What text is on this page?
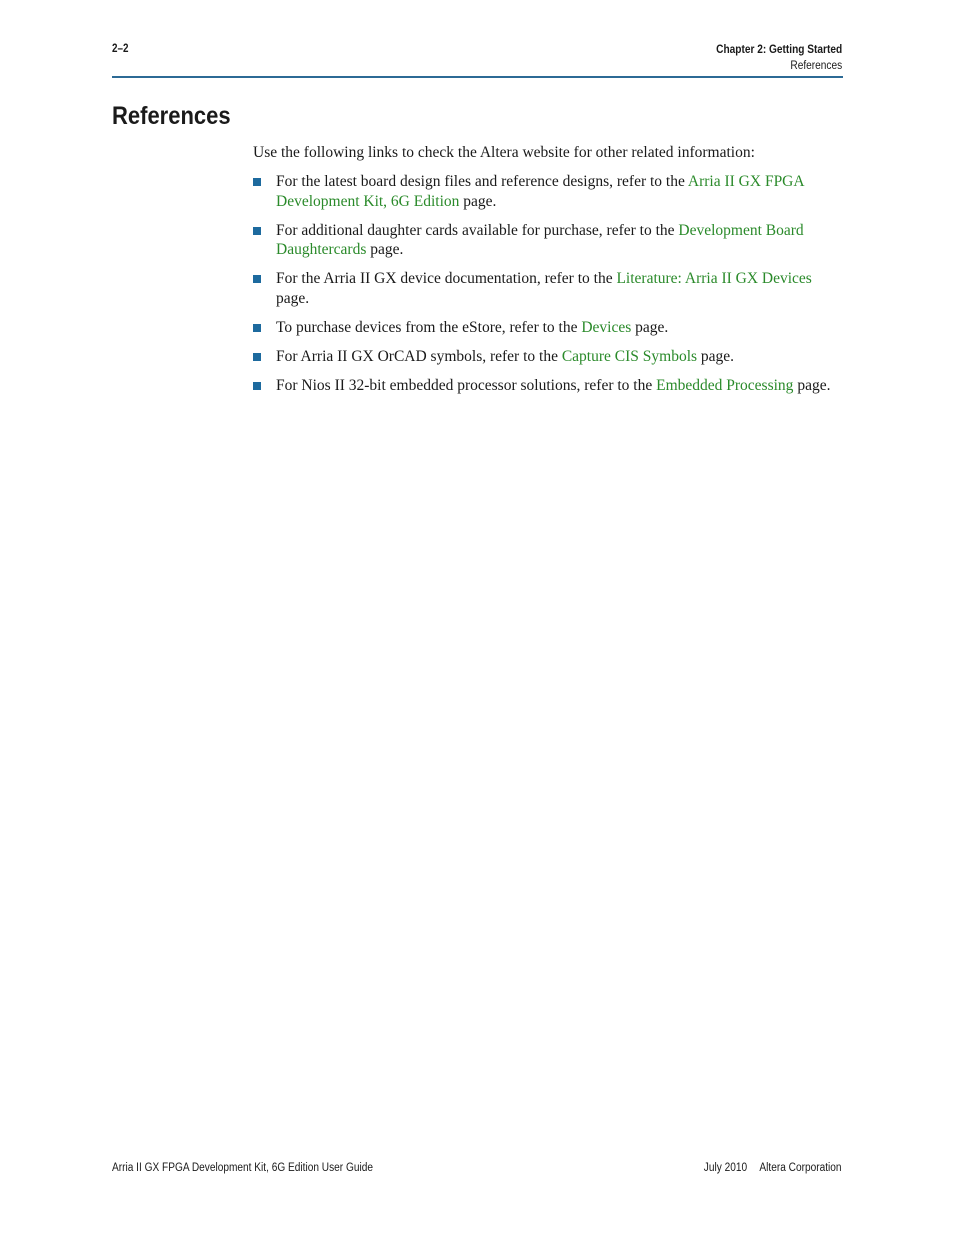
2–2	Chapter 2: Getting Started
References
References

Use the following links to check the Altera website for other related information:

For the latest board design files and reference designs, refer to the Arria II GX FPGA Development Kit, 6G Edition page.
For additional daughter cards available for purchase, refer to the Development Board Daughtercards page.
For the Arria II GX device documentation, refer to the Literature: Arria II GX Devices page.
To purchase devices from the eStore, refer to the Devices page.
For Arria II GX OrCAD symbols, refer to the Capture CIS Symbols page.
For Nios II 32-bit embedded processor solutions, refer to the Embedded Processing page.
Arria II GX FPGA Development Kit, 6G Edition User Guide	July 2010 Altera Corporation
